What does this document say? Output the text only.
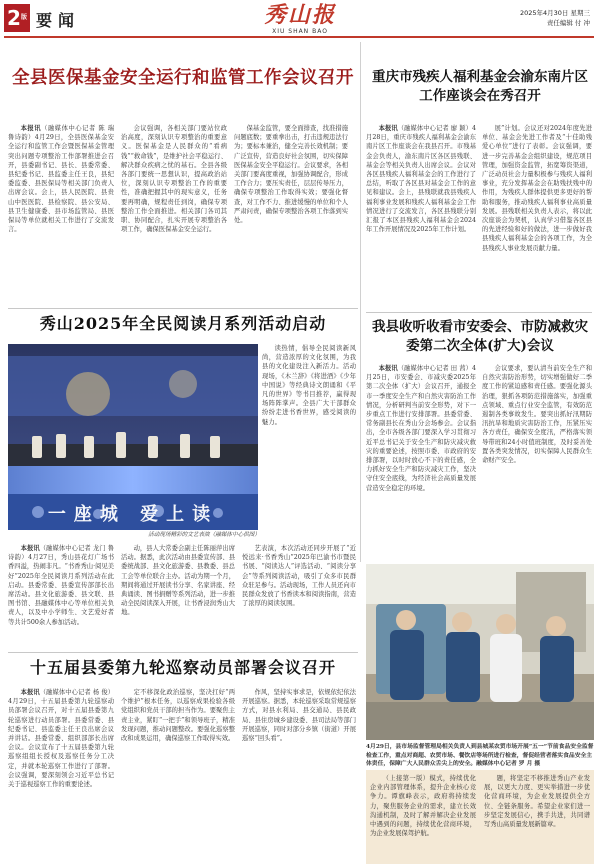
2版 要闻	秀山报
XIU SHAN BAO
2025年4月30日 星期三
责任编辑 付 冲
全县医保基金安全运行和监管工作会议召开

本报讯（融媒体中心记者 陈 瑞 鲁诗韵）4月29日，全县医保基金安全运行和监管工作会暨医保基金管理突出问题专项整治工作部署推进会召开，县委副书记、县长、县委常委、县纪委书记、县监委主任王良，县纪委监委、县医保局等相关部门负责人出席会议。会上，县人民医院、县贵山中医医院、县检察院、县公安局、县卫生健康委、县市场监管局、县医保局等单位就相关工作进行了交流发言。

会议强调，各相关部门要站位政治高度，深刻认识专项整治的重要意义。医保基金是人民群众的“看病钱”“救命钱”，是维护社会平稳运行、解决群众疾病之忧的基石。全县各级各部门要统一思想认识，提高政治站位，深刻认识专项整治工作的重要性，准确把握其中的现实意义，任务要再明确，规程责任到岗，确保专项整治工作全面推进。相关部门各司其职、协同配合，扎实开展专项整治各项工作，确保医保基金安全运行。

保基金监管，要全面排查，找准措施问题底数；要重拳出击，打击违规违法行为；要标本兼治，健全完善长效机制；要广泛宣传，营造良好社会氛围，切实保障医保基金安全平稳运行。会议要求，各相关部门要高度重视，加强协调配合，形成工作合力；要压实责任，层层传导压力，确保专项整治工作取得实效；要强化督查，对工作不力、推进缓慢的单位和个人严肃问责，确保专项整治各项工作落到实处。

重庆市残疾人福利基金会渝东南片区工作座谈会在秀召开

本报讯（融媒体中心记者 廖 颖）4月28日，重庆市残疾人福利基金会渝东南片区工作座谈会在我县召开。市残基金会负责人，渝东南片区各区县残联、基金会等相关负责人出席会议。会议对各区县残疾人福利基金会的工作进行了总结，听取了各区县对基金会工作的意见和建议。会上，县残联就我县残疾人福利事业发展和残疾人福利基金会工作情况进行了交流发言，各区县残联分别汇报了本区县残疾人福利基金会2024年工作开展情况及2025年工作计划。

展”计划。会议还对2024年度先进单位、基金会先进工作者及“十佳助残爱心单位”进行了表彰。会议强调，要进一步完善基金会组织建设，规范项目管理，加强资金监管，拓宽筹资渠道，广泛动员社会力量积极参与残疾人福利事业，充分发挥基金会在助残扶残中的作用，为残疾人群体提供更多更好的帮助和服务，推动残疾人福利事业高质量发展。县残联相关负责人表示，将以此次座谈会为契机，认真学习借鉴各区县的先进经验和好的做法，进一步做好我县残疾人福利基金会的各项工作，为全县残疾人事业发展贡献力量。

秀山2025年全民阅读月系列活动启动
一座城 爱上读
活动现场精彩的文艺表演（融媒体中心供图）

读热情，倡导全民阅读新风尚，营造浓厚的文化氛围，为我县的文化建设注入新活力。活动现场，《木兰辞》《将进酒》《少年中国说》等经典诗文朗诵和《平凡的世界》等书目推荐，赢得现场阵阵掌声。全县广大干部群众纷纷走进书香世界，感受阅读的魅力。

本报讯（融媒体中心记者 龙门 鲁诗韵）4月27日，秀山县花灯广场书香四溢，热闹非凡。“书香秀山·阅见美好”2025年全民阅读月系列活动在此启动。县委常委、县委宣传部部长出席活动。县文化旅游委、县文联、县图书馆、县融媒体中心等单位相关负责人，以及中小学师生、文艺爱好者等共计500余人参加活动。

动，县人大常委会副主任陈丽萍出席活动。据悉，此次活动由县委宣传部、县委统战部、县文化旅游委、县教委、县总工会等单位联合主办。活动为期一个月，期间将通过开展读书分享、名家讲座、经典诵读、图书捐赠等系列活动，进一步推动全民阅读深入开展，让书香浸润秀山大地。

艺表演，本次活动还同步开展了“近悦远来·书香秀山”2025年巴渝书市暨民书展、“阅读达人”评选活动、“阅读分享会”等系列阅读活动，吸引了众多市民群众驻足参与。活动现场，工作人员还向市民群众发放了书香读本和阅读指南，营造了浓厚的阅读氛围。

我县收听收看市安委会、市防减救灾委第二次全体(扩大)会议

本报讯（融媒体中心记者 田 茜）4月25日，市安委会、市减灾委2025年第二次全体（扩大）会议召开，通报全市一季度安全生产和自然灾害防治工作情况，分析研判当前安全形势，对下一步重点工作进行安排部署。县委常委、常务副县长在秀山分会场参会。会议指出，全市各级各部门要深入学习贯彻习近平总书记关于安全生产和防灾减灾救灾的重要论述，按照市委、市政府的安排部署，以时时放心不下的责任感，全力抓好安全生产和防灾减灾工作，坚决守住安全底线，为经济社会高质量发展营造安全稳定的环境。

会议要求，要认清当前安全生产和自然灾害防治形势，切实增强做好二季度工作的紧迫感和责任感。要强化源头治理，狠抓各项防范措施落实，加强重点领域、重点行业安全监管，有效防范遏制各类事故发生。要突出抓好汛期防汛抗旱和地质灾害防治工作，压紧压实各方责任，确保安全度汛，严格落实领导带班和24小时值班制度，及时妥善处置各类突发情况，切实保障人民群众生命财产安全。

十五届县委第九轮巡察动员部署会议召开

本报讯（融媒体中心记者 杨 俊）4月29日，十五届县委第九轮巡察动员部署会议召开，对十五届县委第九轮巡察进行动员部署。县委常委、县纪委书记、县监委主任王良出席会议并讲话。县委常委、组织部部长出席会议。会议宣布了十五届县委第九轮巡察组组长授权及巡察任务分工决定，并就本轮巡察工作进行了部署。会议强调，要深刻领会习近平总书记关于巡视巡察工作的重要论述。

定不移深化政治巡察，坚决扛好“两个维护”根本任务，以巡察成果检验各级党组织和党员干部的担当作为。要聚焦主责主业，紧盯“一把手”和领导班子，精准发现问题，推动问题整改。要强化巡察整改和成果运用，确保巡察工作取得实效。

作风，坚持实事求是，依规依纪依法开展巡察。据悉，本轮巡察采取常规巡察方式，对县水利局、县交通局、县民政局、县住房城乡建设委、县司法局等部门开展巡察，同时对部分乡镇（街道）开展巡察“回头看”。

4月29日，县市场监督管理局相关负责人到县城某农贸市场开展“五一”节前食品安全监督检查工作，重点对商超、农贸市场、餐饮店等场所进行检查，督促经营者落实食品安全主体责任，保障广大人民群众舌尖上的安全。融媒体中心记者 罗 月 摄

（上接第一版）模式，持续优化企业内部管理体系，提升企业核心竞争力。谭旗峰表示，政府将持续发力，聚焦服务企业的需求，建立长效沟通机制，及时了解并解决企业发展中遇到的问题，持续优化营商环境，为企业发展保驾护航。

题，将坚定不移推进秀山产业发展，以更大力度、更实举措进一步优化营商环境，为企业发展提供全方位、全链条服务。希望企业家们进一步坚定发展信心，携手共进，共同谱写秀山高质量发展新篇章。
